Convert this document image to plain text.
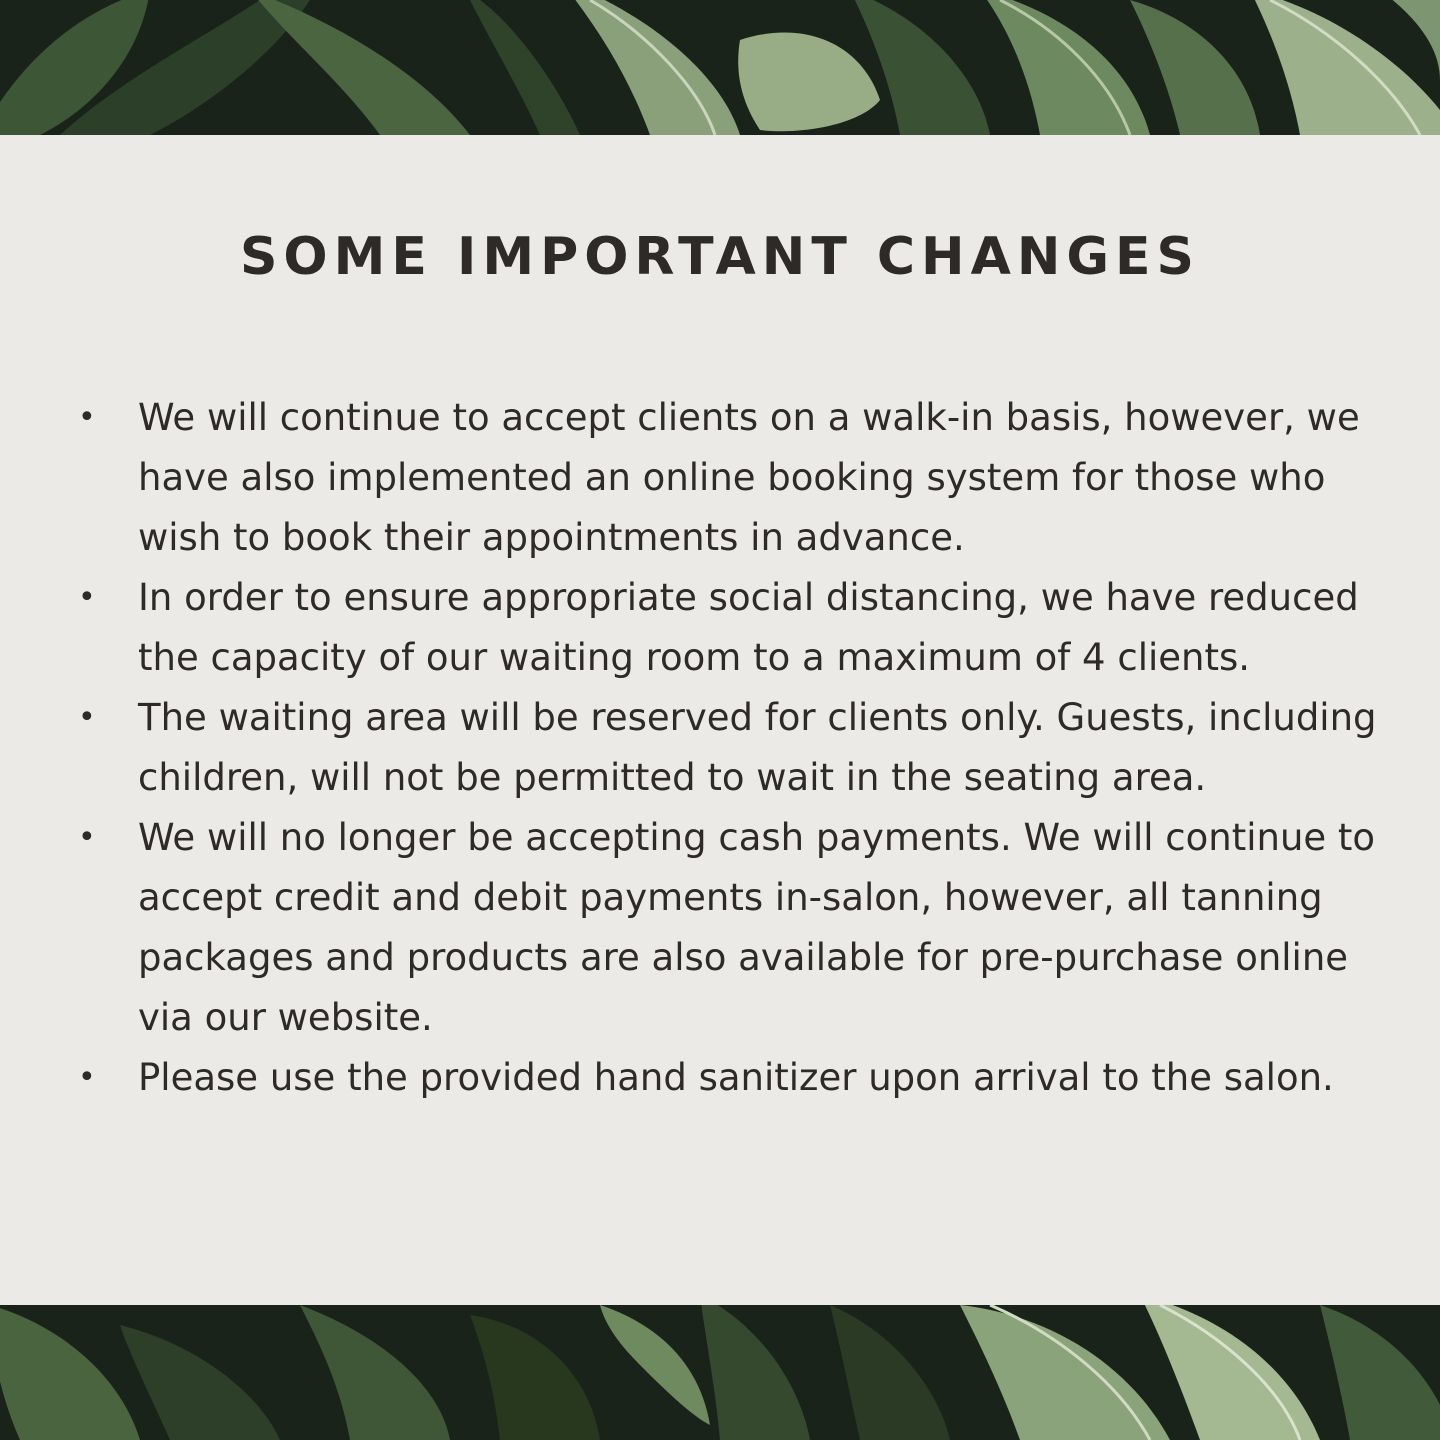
SOME IMPORTANT CHANGES
• We will continue to accept clients on a walk-in basis, however, we have also implemented an online booking system for those who wish to book their appointments in advance.
• In order to ensure appropriate social distancing, we have reduced the capacity of our waiting room to a maximum of 4 clients.
• The waiting area will be reserved for clients only. Guests, including children, will not be permitted to wait in the seating area.
• We will no longer be accepting cash payments. We will continue to accept credit and debit payments in-salon, however, all tanning packages and products are also available for pre-purchase online via our website.
• Please use the provided hand sanitizer upon arrival to the salon.
